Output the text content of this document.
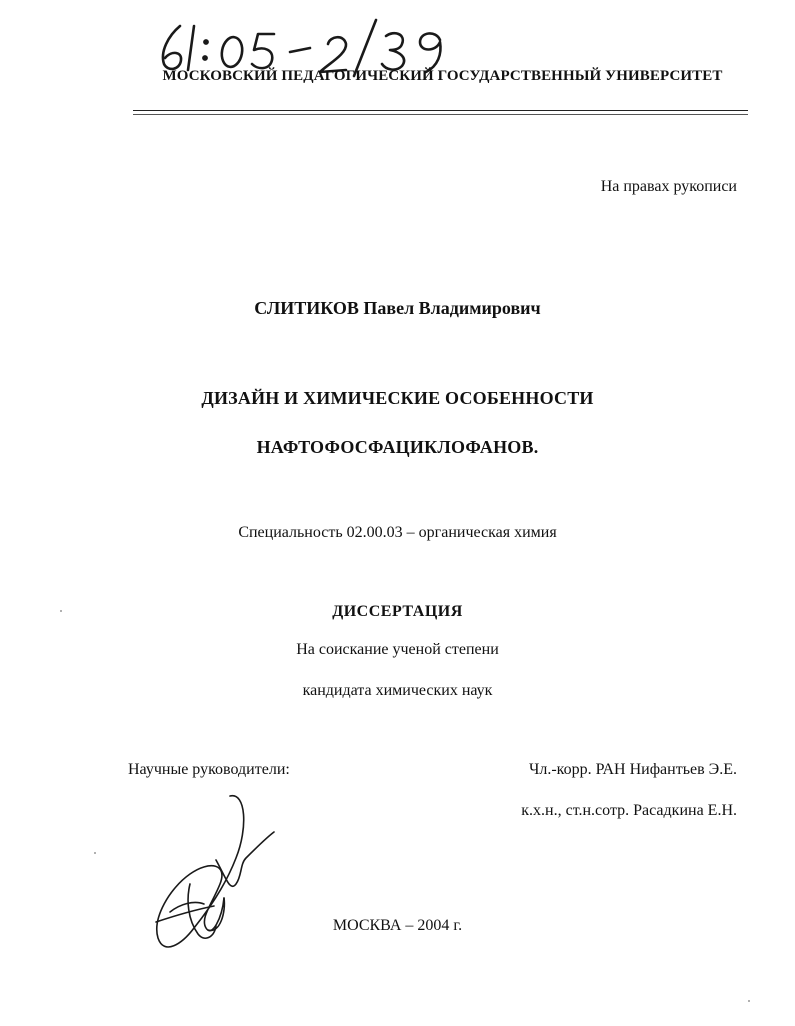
МОСКОВСКИЙ ПЕДАГОГИЧЕСКИЙ ГОСУДАРСТВЕННЫЙ УНИВЕРСИТЕТ
На правах рукописи
СЛИТИКОВ Павел Владимирович
ДИЗАЙН И ХИМИЧЕСКИЕ ОСОБЕННОСТИ
НАФТОФОСФАЦИКЛОФАНОВ.
Специальность 02.00.03 – органическая химия
ДИССЕРТАЦИЯ
На соискание ученой степени
кандидата химических наук
Научные руководители:	Чл.-корр. РАН Нифантьев Э.Е.
к.х.н., ст.н.сотр. Расадкина Е.Н.
МОСКВА – 2004 г.
